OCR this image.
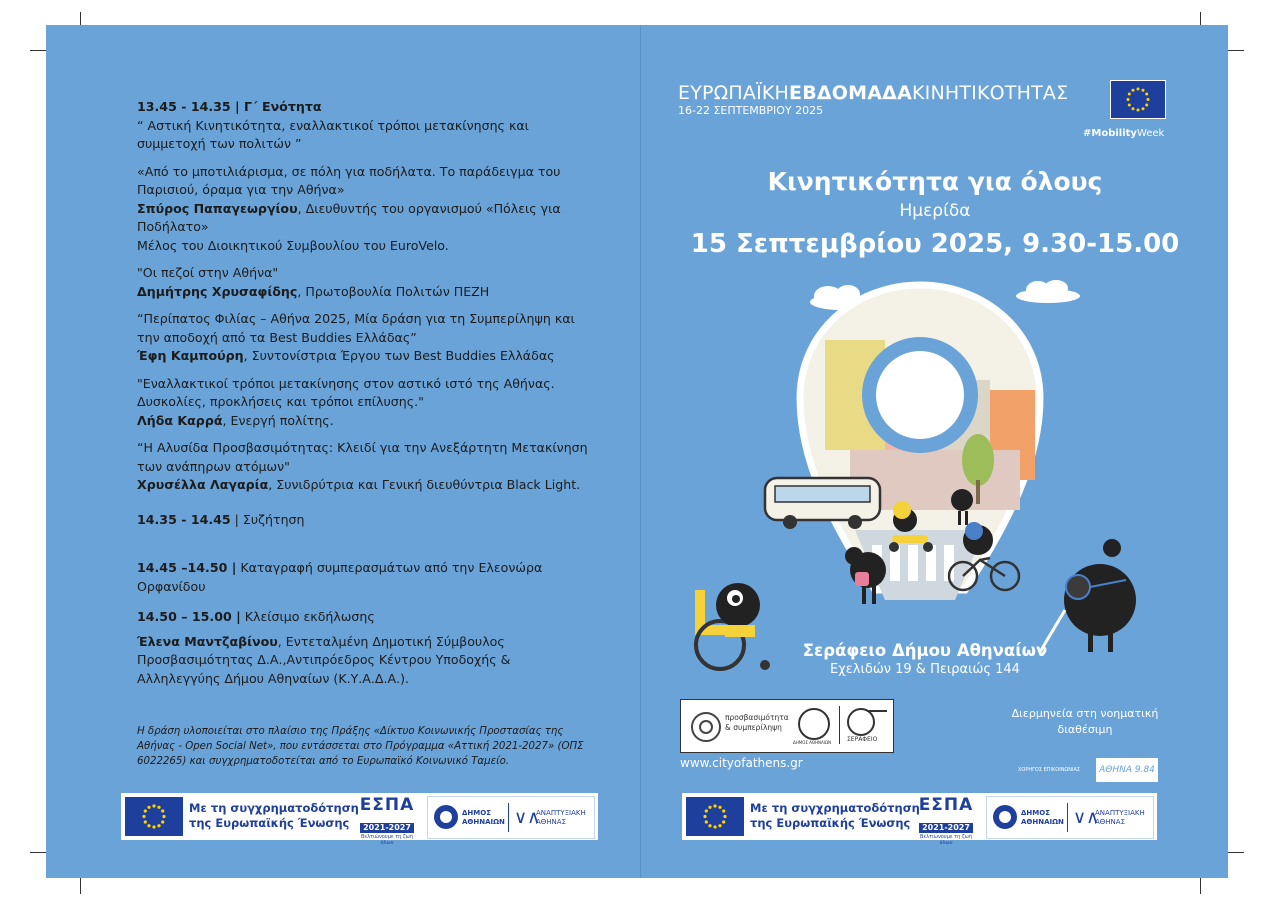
13.45 - 14.35 | Γ΄ Ενότητα

“ Αστική Κινητικότητα, εναλλακτικοί τρόποι μετακίνησης και συμμετοχή των πολιτών ”

«Από το μποτιλιάρισμα, σε πόλη για ποδήλατα. Το παράδειγμα του Παρισιού, όραμα για την Αθήνα»

Σπύρος Παπαγεωργίου, Διευθυντής του οργανισμού «Πόλεις για Ποδήλατο»

Μέλος του Διοικητικού Συμβουλίου του EuroVelo.

"Οι πεζοί στην Αθήνα"

Δημήτρης Χρυσαφίδης, Πρωτοβουλία Πολιτών ΠΕΖΗ

“Περίπατος Φιλίας – Αθήνα 2025, Μία δράση για τη Συμπερίληψη και την αποδοχή από τα Best Buddies Ελλάδας”

Έφη Καμπούρη, Συντονίστρια Έργου των Best Buddies Ελλάδας

"Εναλλακτικοί τρόποι μετακίνησης στον αστικό ιστό της Αθήνας. Δυσκολίες, προκλήσεις και τρόποι επίλυσης."

Λήδα Καρρά, Ενεργή πολίτης.

“Η Αλυσίδα Προσβασιμότητας: Κλειδί για την Ανεξάρτητη Μετακίνηση των ανάπηρων ατόμων"

Χρυσέλλα Λαγαρία, Συνιδρύτρια και Γενική διευθύντρια Black Light.

14.35 - 14.45 | Συζήτηση

14.45 –14.50 | Καταγραφή συμπερασμάτων από την Ελεονώρα Ορφανίδου

14.50 – 15.00 | Κλείσιμο εκδήλωσης

Έλενα Μαντζαβίνου, Εντεταλμένη Δημοτική Σύμβουλος Προσβασιμότητας Δ.Α.,Αντιπρόεδρος Κέντρου Υποδοχής & Αλληλεγγύης Δήμου Αθηναίων (Κ.Υ.Α.Δ.Α.).

Η δράση υλοποιείται στο πλαίσιο της Πράξης «Δίκτυο Κοινωνικής Προστασίας της Αθήνας - Open Social Net», που εντάσσεται στο Πρόγραμμα «Αττική 2021-2027» (ΟΠΣ 6022265) και συγχρηματοδοτείται από το Ευρωπαϊκό Κοινωνικό Ταμείο.
Με τη συγχρηματοδότηση
της Ευρωπαϊκής Ένωσης
ΕΣΠΑ
2021-2027
Βελτιώνουμε τη ζωή όλων
ΔΗΜΟΣ
ΑΘΗΝΑΙΩΝ ∨∧
ΑΝΑΠΤΥΞΙΑΚΗ
ΑΘΗΝΑΣ
ΕΥΡΩΠΑΪΚΗΕΒΔΟΜΑΔΑΚΙΝΗΤΙΚΟΤΗΤΑΣ
16-22 ΣΕΠΤΕΜΒΡΙΟΥ 2025
#MobilityWeek
Κινητικότητα για όλους
Ημερίδα
15 Σεπτεμβρίου 2025, 9.30-15.00
Σεράφειο Δήμου Αθηναίων
Εχελιδών 19 & Πειραιώς 144
προσβασιμότητα
& συμπερίληψη
ΔΗΜΟΣ ΑΘΗΝΑΙΩΝ	ΣΕΡΑΦΕΙΟ
www.cityofathens.gr
Διερμηνεία στη νοηματική
διαθέσιμη
ΧΟΡΗΓΟΣ ΕΠΙΚΟΙΝΩΝΙΑΣ	ΑΘΗΝΑ 9.84
Με τη συγχρηματοδότηση
της Ευρωπαϊκής Ένωσης
ΕΣΠΑ
2021-2027
Βελτιώνουμε τη ζωή όλων
ΔΗΜΟΣ
ΑΘΗΝΑΙΩΝ ∨∧
ΑΝΑΠΤΥΞΙΑΚΗ
ΑΘΗΝΑΣ
